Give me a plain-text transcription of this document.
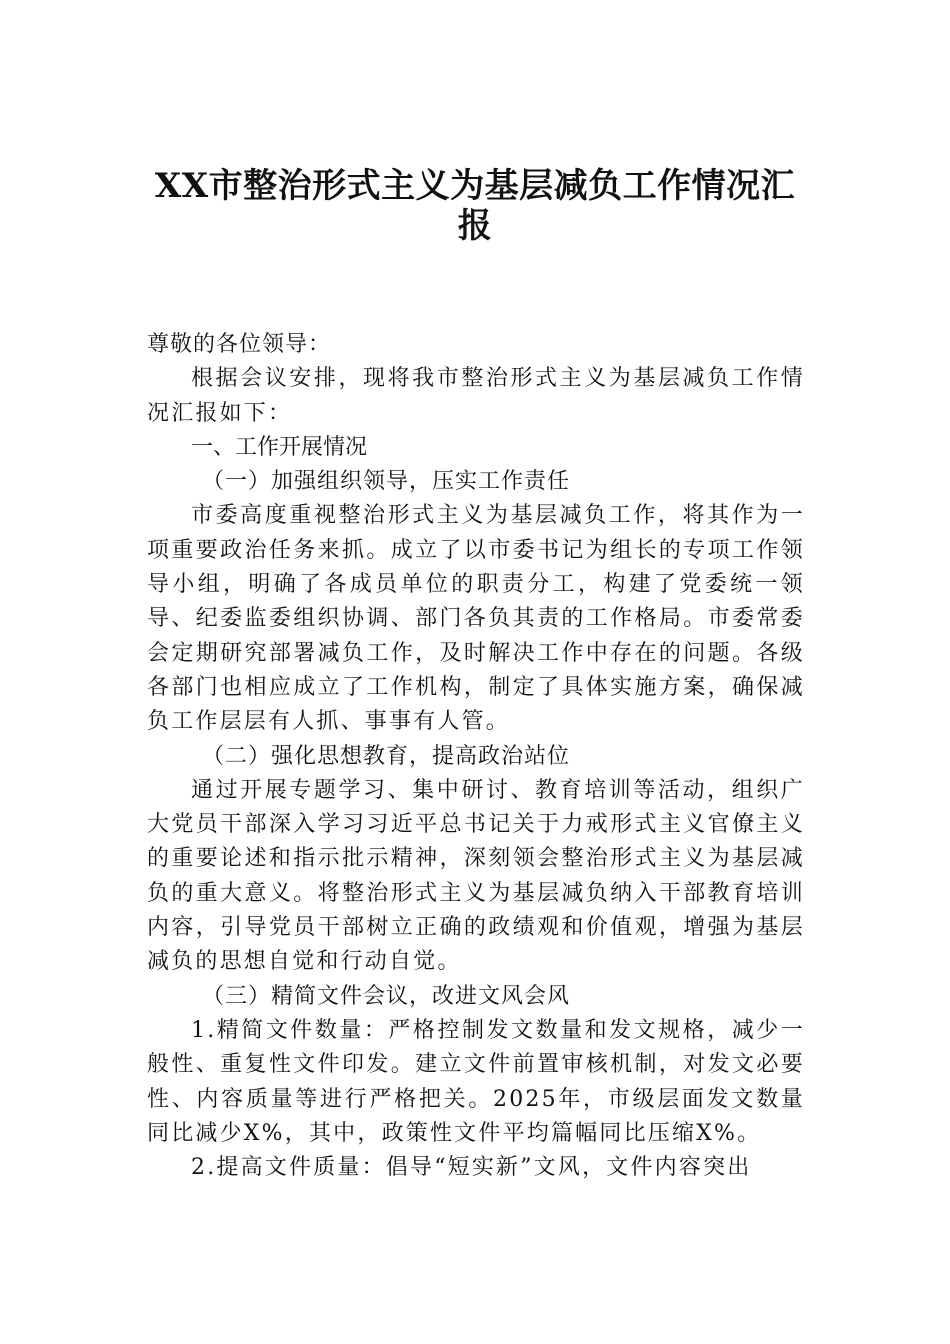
XX市整治形式主义为基层减负工作情况汇
报

尊敬的各位领导：

根据会议安排，现将我市整治形式主义为基层减负工作情况汇报如下：

一、工作开展情况

（一）加强组织领导，压实工作责任

市委高度重视整治形式主义为基层减负工作，将其作为一项重要政治任务来抓。成立了以市委书记为组长的专项工作领导小组，明确了各成员单位的职责分工，构建了党委统一领导、纪委监委组织协调、部门各负其责的工作格局。市委常委会定期研究部署减负工作，及时解决工作中存在的问题。各级各部门也相应成立了工作机构，制定了具体实施方案，确保减负工作层层有人抓、事事有人管。

（二）强化思想教育，提高政治站位

通过开展专题学习、集中研讨、教育培训等活动，组织广大党员干部深入学习习近平总书记关于力戒形式主义官僚主义的重要论述和指示批示精神，深刻领会整治形式主义为基层减负的重大意义。将整治形式主义为基层减负纳入干部教育培训内容，引导党员干部树立正确的政绩观和价值观，增强为基层减负的思想自觉和行动自觉。

（三）精简文件会议，改进文风会风

1.精简文件数量：严格控制发文数量和发文规格，减少一般性、重复性文件印发。建立文件前置审核机制，对发文必要性、内容质量等进行严格把关。2025年，市级层面发文数量同比减少X%，其中，政策性文件平均篇幅同比压缩X%。

2.提高文件质量：倡导“短实新”文风，文件内容突出
